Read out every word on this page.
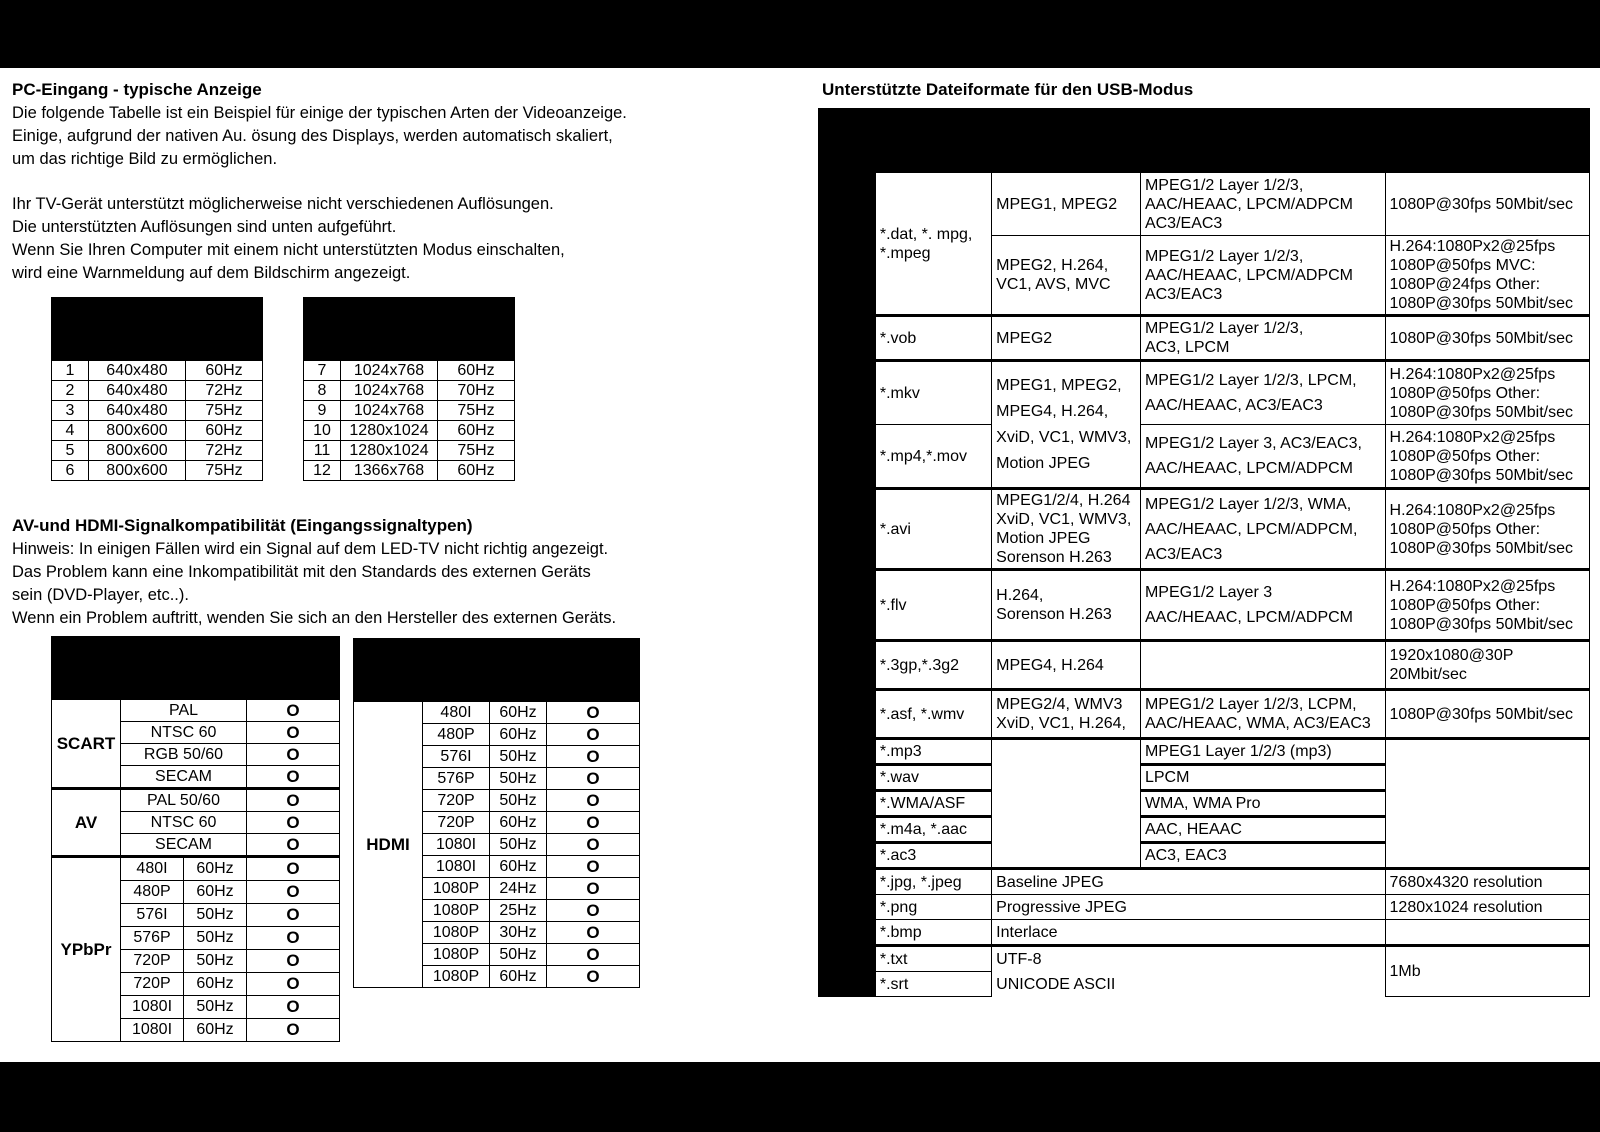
PC-Eingang - typische Anzeige
Die folgende Tabelle ist ein Beispiel für einige der typischen Arten der Videoanzeige.
Einige, aufgrund der nativen Au. ösung des Displays, werden automatisch skaliert,
um das richtige Bild zu ermöglichen.
Ihr TV-Gerät unterstützt möglicherweise nicht verschiedenen Auflösungen.
Die unterstützten Auflösungen sind unten aufgeführt.
Wenn Sie Ihren Computer mit einem nicht unterstützten Modus einschalten,
wird eine Warnmeldung auf dem Bildschirm angezeigt.

1	640x480	60Hz
2	640x480	72Hz
3	640x480	75Hz
4	800x600	60Hz
5	800x600	72Hz
6	800x600	75Hz

7	1024x768	60Hz
8	1024x768	70Hz
9	1024x768	75Hz
10	1280x1024	60Hz
11	1280x1024	75Hz
12	1366x768	60Hz
AV-und HDMI-Signalkompatibilität (Eingangssignaltypen)
Hinweis: In einigen Fällen wird ein Signal auf dem LED-TV nicht richtig angezeigt.
Das Problem kann eine Inkompatibilität mit den Standards des externen Geräts
sein (DVD-Player, etc..).
Wenn ein Problem auftritt, wenden Sie sich an den Hersteller des externen Geräts.

SCART	PAL		O
	NTSC 60		O
	RGB 50/60		O
	SECAM		O
AV	PAL 50/60		O
	NTSC 60		O
	SECAM		O
YPbPr	480I	60Hz	O
	480P	60Hz	O
	576I	50Hz	O
	576P	50Hz	O
	720P	50Hz	O
	720P	60Hz	O
	1080I	50Hz	O
	1080I	60Hz	O

HDMI	480I	60Hz	O
	480P	60Hz	O
	576I	50Hz	O
	576P	50Hz	O
	720P	50Hz	O
	720P	60Hz	O
	1080I	50Hz	O
	1080I	60Hz	O
	1080P	24Hz	O
	1080P	25Hz	O
	1080P	30Hz	O
	1080P	50Hz	O
	1080P	60Hz	O
Unterstützte Dateiformate für den USB-Modus

	*.dat, *. mpg,
*.mpeg	MPEG1, MPEG2	MPEG1/2 Layer 1/2/3,
AAC/HEAAC, LPCM/ADPCM
AC3/EAC3	1080P@30fps 50Mbit/sec
		MPEG2, H.264,
VC1, AVS, MVC	MPEG1/2 Layer 1/2/3,
AAC/HEAAC, LPCM/ADPCM
AC3/EAC3	H.264:1080Px2@25fps
1080P@50fps MVC:
1080P@24fps Other:
1080P@30fps 50Mbit/sec
	*.vob	MPEG2	MPEG1/2 Layer 1/2/3,
AC3, LPCM	1080P@30fps 50Mbit/sec
	*.mkv	MPEG1, MPEG2,
MPEG4, H.264,
XviD, VC1, WMV3,
Motion JPEG	MPEG1/2 Layer 1/2/3, LPCM,
AAC/HEAAC, AC3/EAC3	H.264:1080Px2@25fps
1080P@50fps Other:
1080P@30fps 50Mbit/sec
	*.mp4,*.mov		MPEG1/2 Layer 3, AC3/EAC3,
AAC/HEAAC, LPCM/ADPCM	H.264:1080Px2@25fps
1080P@50fps Other:
1080P@30fps 50Mbit/sec
	*.avi	MPEG1/2/4, H.264
XviD, VC1, WMV3,
Motion JPEG
Sorenson H.263	MPEG1/2 Layer 1/2/3, WMA,
AAC/HEAAC, LPCM/ADPCM,
AC3/EAC3	H.264:1080Px2@25fps
1080P@50fps Other:
1080P@30fps 50Mbit/sec
	*.flv	H.264,
Sorenson H.263	MPEG1/2 Layer 3
AAC/HEAAC, LPCM/ADPCM	H.264:1080Px2@25fps
1080P@50fps Other:
1080P@30fps 50Mbit/sec
	*.3gp,*.3g2	MPEG4, H.264		1920x1080@30P
20Mbit/sec
	*.asf, *.wmv	MPEG2/4, WMV3
XviD, VC1, H.264,	MPEG1/2 Layer 1/2/3, LCPM,
AAC/HEAAC, WMA, AC3/EAC3	1080P@30fps 50Mbit/sec
	*.mp3		MPEG1 Layer 1/2/3 (mp3)	
	*.wav		LPCM	
	*.WMA/ASF		WMA, WMA Pro	
	*.m4a, *.aac		AAC, HEAAC	
	*.ac3		AC3, EAC3	
	*.jpg, *.jpeg	Baseline JPEG		7680x4320 resolution
	*.png	Progressive JPEG		1280x1024 resolution
	*.bmp	Interlace		
	*.txt	UTF-8		1Mb
	*.srt	UNICODE ASCII		
